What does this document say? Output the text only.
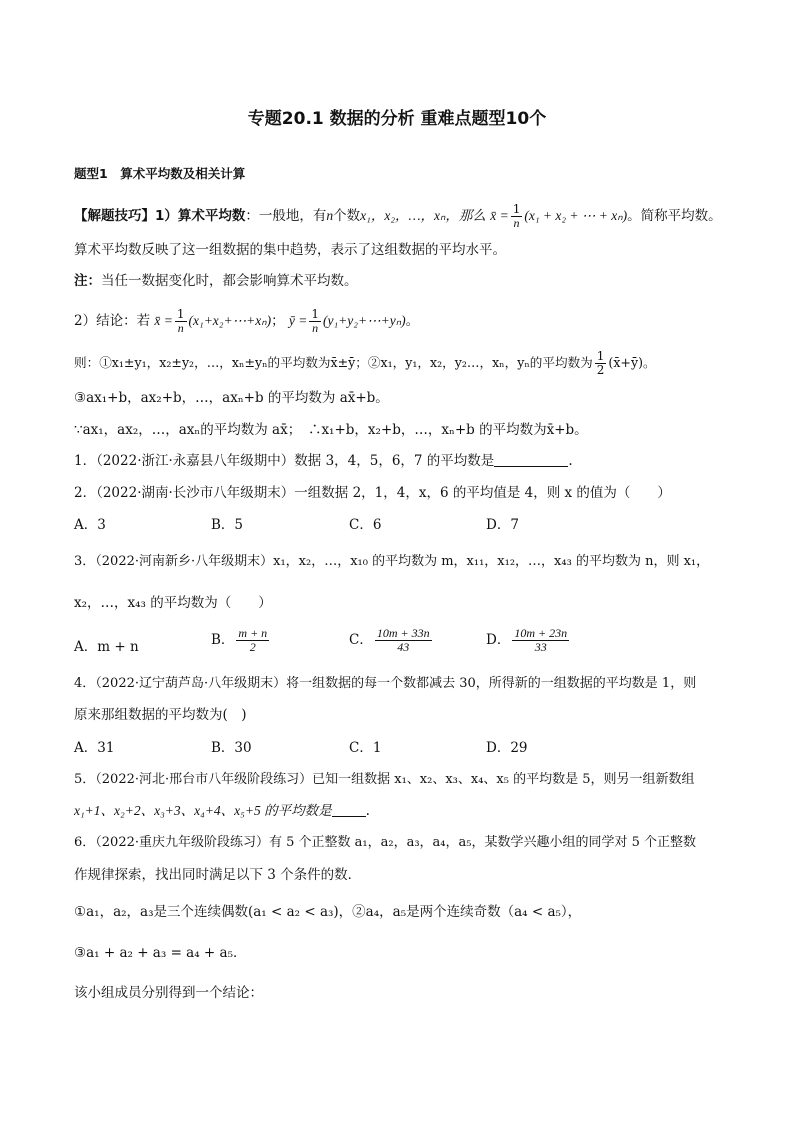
专题20.1 数据的分析 重难点题型10个
题型1　算术平均数及相关计算
【解题技巧】1）算术平均数：一般地，有n个数x₁，x₂，…，xₙ，那么 x̄ = $\frac{1}{n} (x_1 + x_2$ + ⋯ + xₙ)。简称平均数。
算术平均数反映了这一组数据的集中趋势，表示了这组数据的平均水平。
注：当任一数据变化时，都会影响算术平均数。
2）结论：若 x̄ = $\frac{1}{n}$ (x₁+x₂+⋯+xₙ)； ȳ = $\frac{1}{n}$ (y₁+y₂+⋯+yₙ)。
则：①x₁±y₁，x₂±y₂，…，xₙ±yₙ的平均数为x̄±ȳ；②x₁，y₁，x₂，y₂…，xₙ，yₙ的平均数为 $\frac{1}{2}$ (x̄+ȳ)。
③ax₁+b，ax₂+b，…，axₙ+b 的平均数为 ax̄+b。
∵ax₁，ax₂，…，axₙ的平均数为 ax̄；　∴x₁+b，x₂+b，…，xₙ+b 的平均数为x̄+b。
1．（2022·浙江·永嘉县八年级期中）数据 3，4，5，6，7 的平均数是	.
2．（2022·湖南·长沙市八年级期末）一组数据 2，1，4，x，6 的平均值是 4，则 x 的值为（　　）
A．3	B．5	C．6	D．7
3．（2022·河南新乡·八年级期末）x₁，x₂，…，x₁₀ 的平均数为 m，x₁₁，x₁₂，…，x₄₃ 的平均数为 n，则 x₁，
x₂，…，x₄₃ 的平均数为（　　）
A．m + n	B． $\frac{m + n}{2}$	C． $\frac{10m + 33n}{43}$	D． $\frac{10m + 23n}{33}$
4．（2022·辽宁葫芦岛·八年级期末）将一组数据的每一个数都减去 30，所得新的一组数据的平均数是 1，则
原来那组数据的平均数为(　)
A．31	B．30	C．1	D．29
5．（2022·河北·邢台市八年级阶段练习）已知一组数据 x₁、x₂、x₃、x₄、x₅ 的平均数是 5，则另一组新数组
x₁+1、x₂+2、x₃+3、x₄+4、x₅+5 的平均数是	.
6．（2022·重庆九年级阶段练习）有 5 个正整数 a₁，a₂，a₃，a₄，a₅，某数学兴趣小组的同学对 5 个正整数
作规律探索，找出同时满足以下 3 个条件的数．
①a₁，a₂，a₃是三个连续偶数(a₁ < a₂ < a₃)，②a₄，a₅是两个连续奇数（a₄ < a₅），
③a₁ + a₂ + a₃ = a₄ + a₅．
该小组成员分别得到一个结论：
